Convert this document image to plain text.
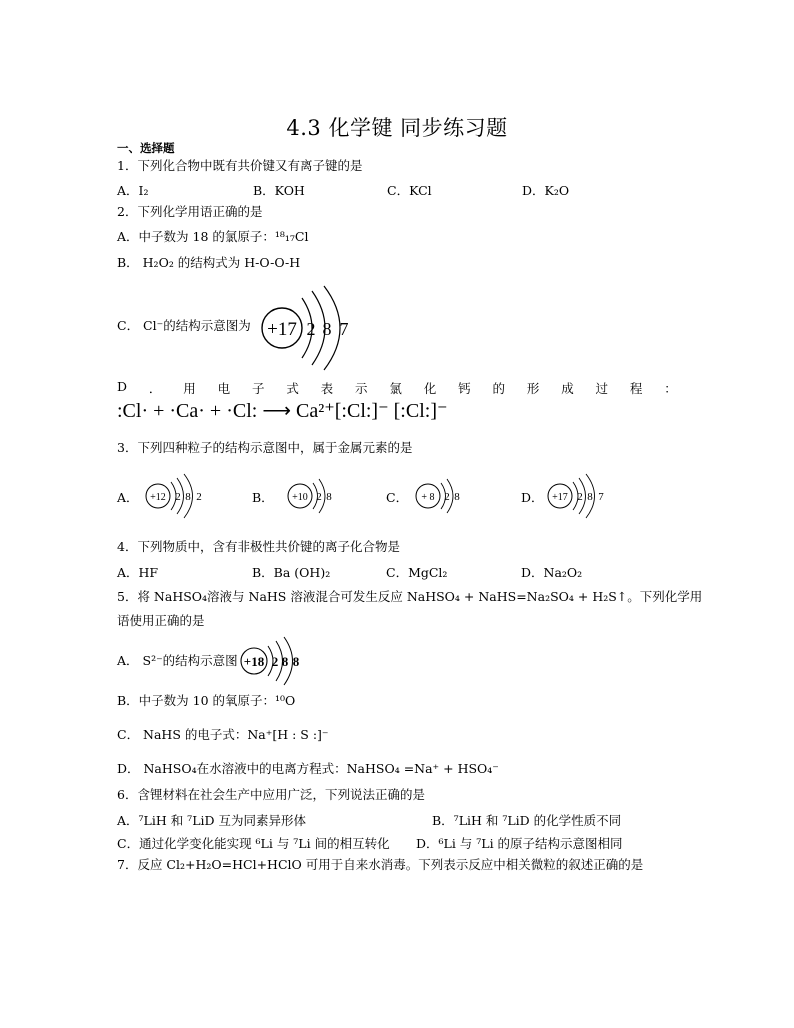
4.3 化学键 同步练习题
一、选择题
1．下列化合物中既有共价键又有离子键的是
A．I₂	B．KOH	C．KCl	D．K₂O
2．下列化学用语正确的是
A．中子数为 18 的氯原子：¹⁸₁₇Cl
B． H₂O₂ 的结构式为 H-O-O-H
C． Cl⁻的结构示意图为 +17 2 8 7
D ． 用 电 子 式 表 示 氯 化 钙 的 形 成 过 程 ：
:Cl· + ·Ca· + ·Cl: ⟶ Ca²⁺[:Cl:]⁻ [:Cl:]⁻
3．下列四种粒子的结构示意图中，属于金属元素的是
A． +12 2 8 2	B． +10 2 8	C． + 8 2 8	D． +17 2 8 7
4．下列物质中，含有非极性共价键的离子化合物是
A．HF	B．Ba (OH)₂	C．MgCl₂	D．Na₂O₂
5．将 NaHSO₄溶液与 NaHS 溶液混合可发生反应 NaHSO₄ + NaHS=Na₂SO₄ + H₂S↑。下列化学用
语使用正确的是
A． S²⁻的结构示意图 +18 2 8 8
B．中子数为 10 的氧原子：¹⁰O
C． NaHS 的电子式：Na⁺[H : S :]⁻
D． NaHSO₄在水溶液中的电离方程式：NaHSO₄ =Na⁺ + HSO₄⁻
6．含锂材料在社会生产中应用广泛，下列说法正确的是
A．⁷LiH 和 ⁷LiD 互为同素异形体	B．⁷LiH 和 ⁷LiD 的化学性质不同
C．通过化学变化能实现 ⁶Li 与 ⁷Li 间的相互转化 D．⁶Li 与 ⁷Li 的原子结构示意图相同
7．反应 Cl₂+H₂O=HCl+HClO 可用于自来水消毒。下列表示反应中相关微粒的叙述正确的是
